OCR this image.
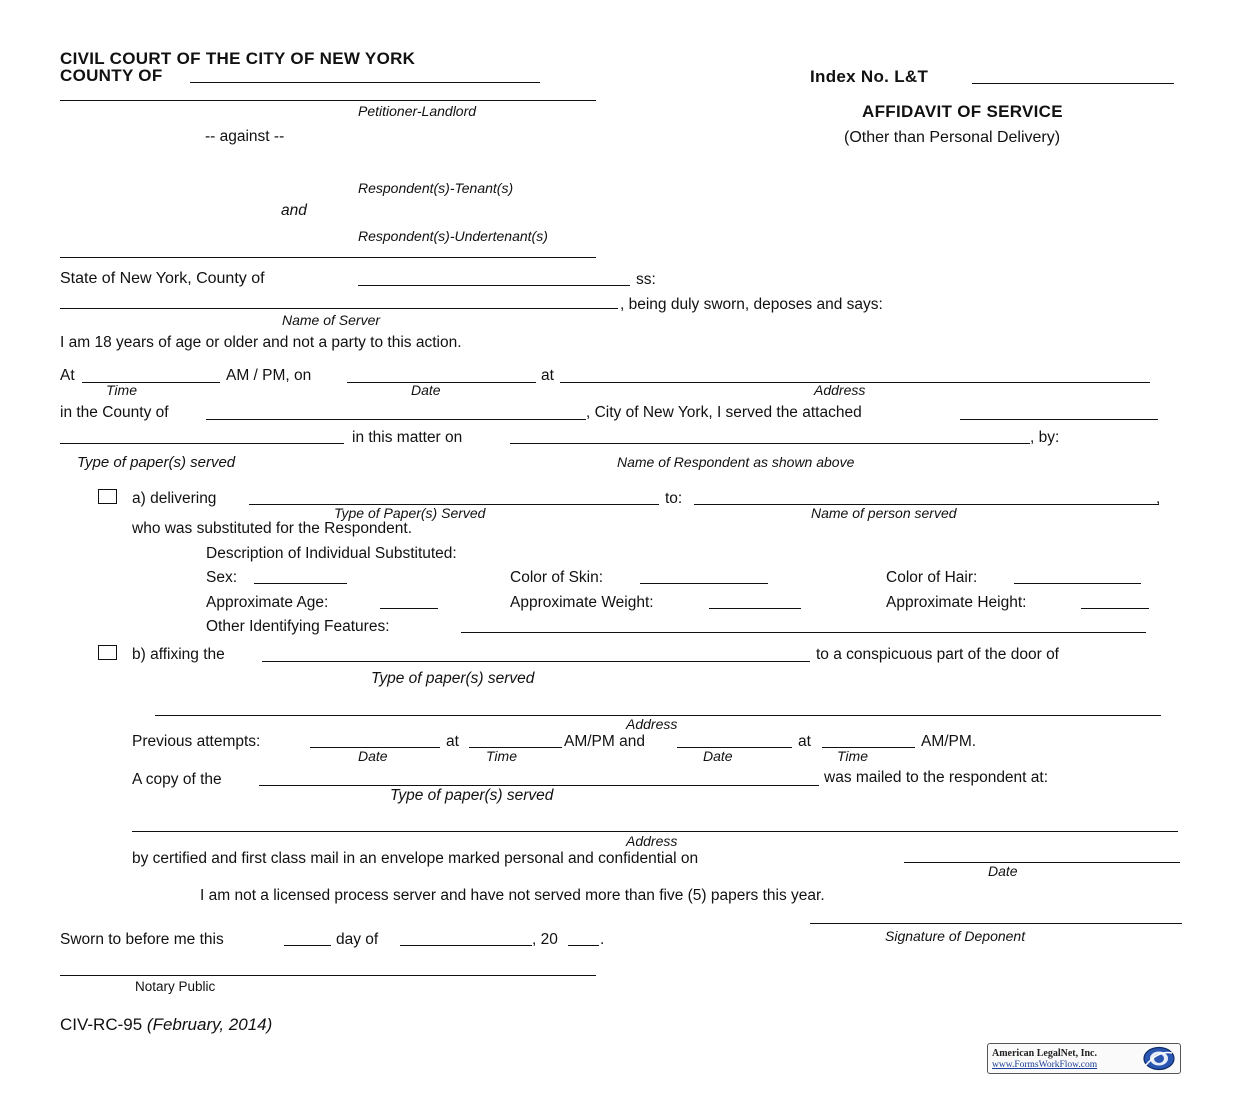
CIVIL COURT OF THE CITY OF NEW YORK
COUNTY OF	Index No. L&T
Petitioner-Landlord	AFFIDAVIT OF SERVICE
-- against --	(Other than Personal Delivery)
Respondent(s)-Tenant(s)
and
Respondent(s)-Undertenant(s)
State of New York, County of	ss:
, being duly sworn, deposes and says:
Name of Server
I am 18 years of age or older and not a party to this action.
At	AM / PM, on	at
Time	Date	Address
in the County of	, City of New York, I served the attached
in this matter on	, by:
Type of paper(s) served	Name of Respondent as shown above
a) delivering	to:	,
Type of Paper(s) Served	Name of person served
who was substituted for the Respondent.
Description of Individual Substituted:
Sex:	Color of Skin:	Color of Hair:
Approximate Age:	Approximate Weight:	Approximate Height:
Other Identifying Features:
b) affixing the	to a conspicuous part of the door of
Type of paper(s) served
Address
Previous attempts:	at	AM/PM and	at	AM/PM.
Date	Time	Date	Time
A copy of the	was mailed to the respondent at:
Type of paper(s) served
Address
by certified and first class mail in an envelope marked personal and confidential on
Date
I am not a licensed process server and have not served more than five (5) papers this year.
Signature of Deponent
Sworn to before me this	day of	, 20	.
Notary Public
CIV-RC-95 (February, 2014)
American LegalNet, Inc.
www.FormsWorkFlow.com
